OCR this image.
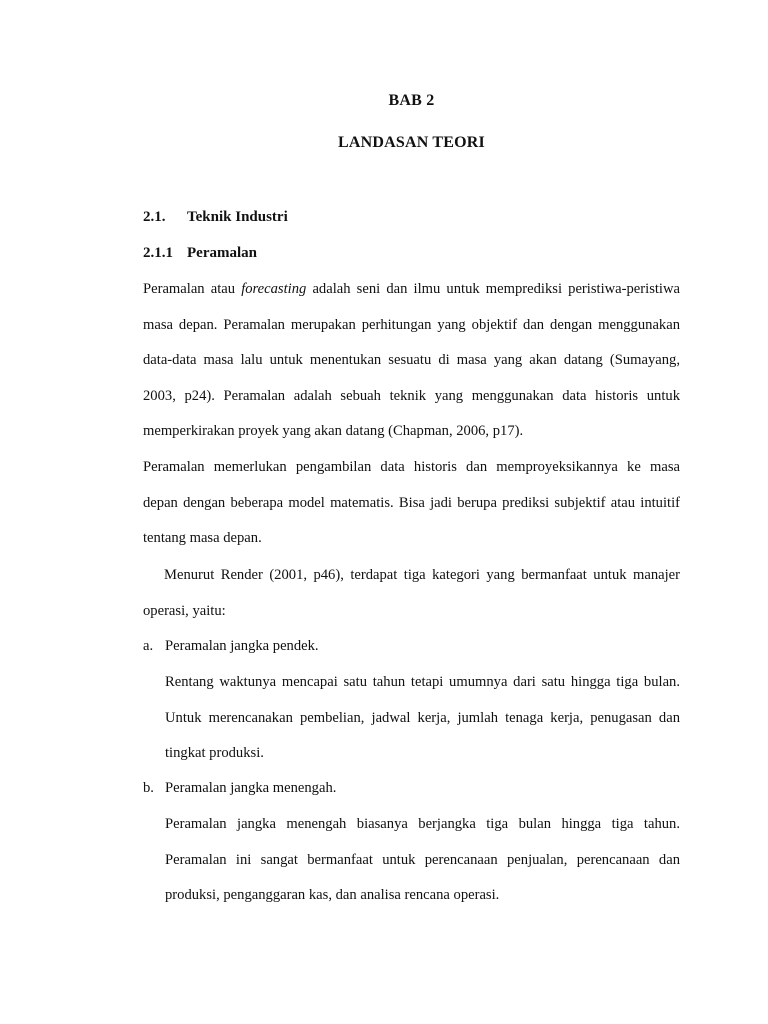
BAB 2
LANDASAN TEORI
2.1. Teknik Industri
2.1.1 Peramalan
Peramalan atau forecasting adalah seni dan ilmu untuk memprediksi peristiwa-peristiwa
masa depan. Peramalan merupakan perhitungan yang objektif dan dengan menggunakan
data-data masa lalu untuk menentukan sesuatu di masa yang akan datang (Sumayang,
2003, p24). Peramalan adalah sebuah teknik yang menggunakan data historis untuk
memperkirakan proyek yang akan datang (Chapman, 2006, p17).
Peramalan memerlukan pengambilan data historis dan memproyeksikannya ke masa
depan dengan beberapa model matematis. Bisa jadi berupa prediksi subjektif atau intuitif
tentang masa depan.
Menurut Render (2001, p46), terdapat tiga kategori yang bermanfaat untuk manajer
operasi, yaitu:
a. Peramalan jangka pendek.
Rentang waktunya mencapai satu tahun tetapi umumnya dari satu hingga tiga bulan.
Untuk merencanakan pembelian, jadwal kerja, jumlah tenaga kerja, penugasan dan
tingkat produksi.
b. Peramalan jangka menengah.
Peramalan jangka menengah biasanya berjangka tiga bulan hingga tiga tahun.
Peramalan ini sangat bermanfaat untuk perencanaan penjualan, perencanaan dan
produksi, penganggaran kas, dan analisa rencana operasi.
